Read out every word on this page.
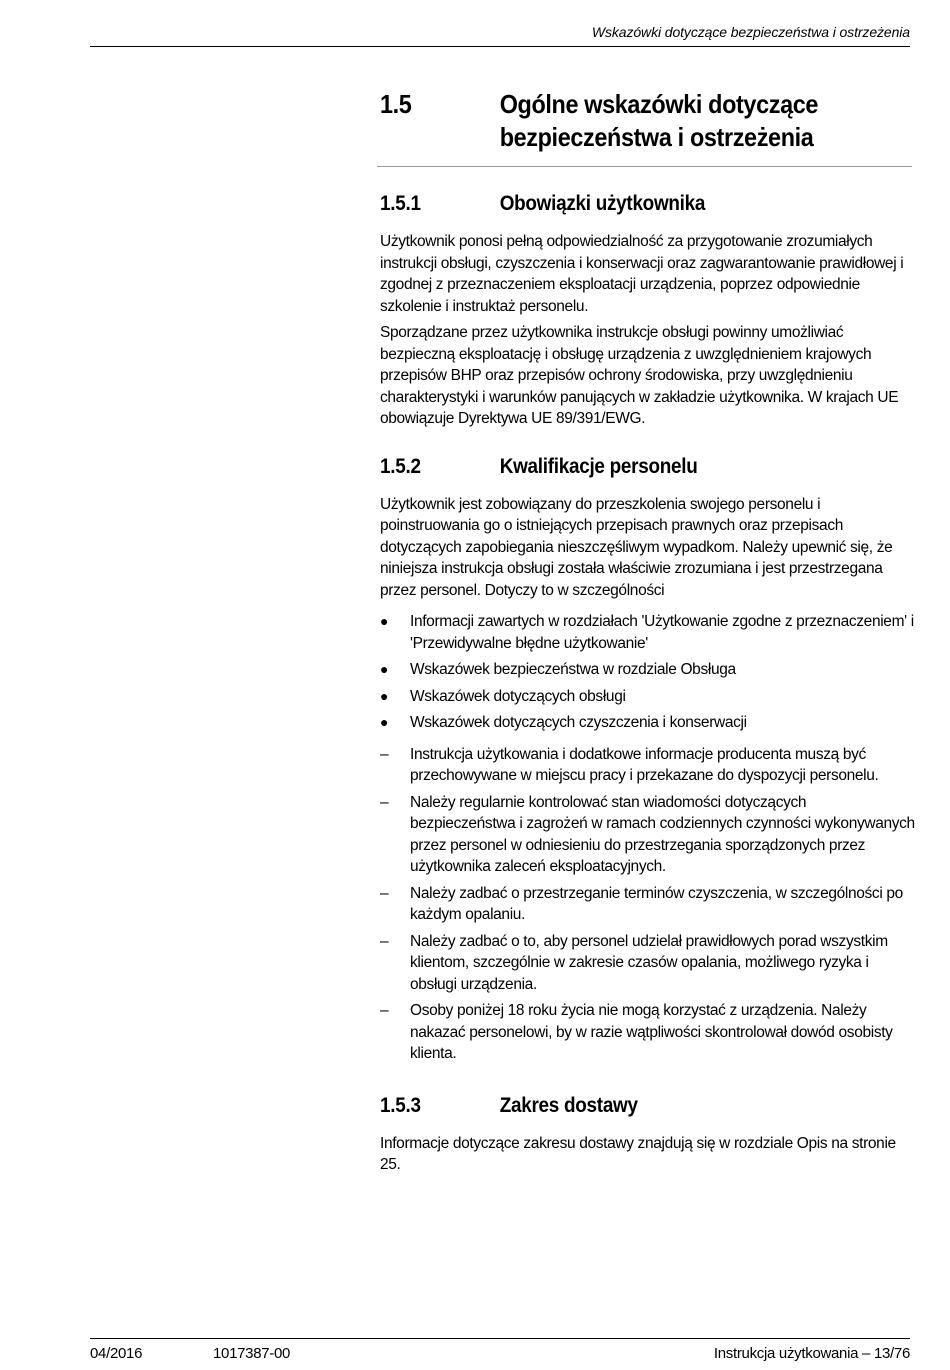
Wskazówki dotyczące bezpieczeństwa i ostrzeżenia
1.5	Ogólne wskazówki dotyczące
bezpieczeństwa i ostrzeżenia
1.5.1	Obowiązki użytkownika

Użytkownik ponosi pełną odpowiedzialność za przygotowanie zrozumiałych instrukcji obsługi, czyszczenia i konserwacji oraz zagwarantowanie prawidłowej i zgodnej z przeznaczeniem eksploatacji urządzenia, poprzez odpowiednie szkolenie i instruktaż personelu.

Sporządzane przez użytkownika instrukcje obsługi powinny umożliwiać bezpieczną eksploatację i obsługę urządzenia z uwzględnieniem krajowych przepisów BHP oraz przepisów ochrony środowiska, przy uwzględnieniu charakterystyki i warunków panujących w zakładzie użytkownika. W krajach UE obowiązuje Dyrektywa UE 89/391/EWG.

1.5.2	Kwalifikacje personelu

Użytkownik jest zobowiązany do przeszkolenia swojego personelu i poinstruowania go o istniejących przepisach prawnych oraz przepisach dotyczących zapobiegania nieszczęśliwym wypadkom. Należy upewnić się, że niniejsza instrukcja obsługi została właściwie zrozumiana i jest przestrzegana przez personel. Dotyczy to w szczególności

●	Informacji zawartych w rozdziałach 'Użytkowanie zgodne z przeznaczeniem' i 'Przewidywalne błędne użytkowanie'
●	Wskazówek bezpieczeństwa w rozdziale Obsługa
●	Wskazówek dotyczących obsługi
●	Wskazówek dotyczących czyszczenia i konserwacji
–	Instrukcja użytkowania i dodatkowe informacje producenta muszą być przechowywane w miejscu pracy i przekazane do dyspozycji personelu.
–	Należy regularnie kontrolować stan wiadomości dotyczących bezpieczeństwa i zagrożeń w ramach codziennych czynności wykonywanych przez personel w odniesieniu do przestrzegania sporządzonych przez użytkownika zaleceń eksploatacyjnych.
–	Należy zadbać o przestrzeganie terminów czyszczenia, w szczególności po każdym opalaniu.
–	Należy zadbać o to, aby personel udzielał prawidłowych porad wszystkim klientom, szczególnie w zakresie czasów opalania, możliwego ryzyka i obsługi urządzenia.
–	Osoby poniżej 18 roku życia nie mogą korzystać z urządzenia. Należy nakazać personelowi, by w razie wątpliwości skontrolował dowód osobisty klienta.
1.5.3	Zakres dostawy

Informacje dotyczące zakresu dostawy znajdują się w rozdziale Opis na stronie 25.

04/2016	1017387-00	Instrukcja użytkowania – 13/76
